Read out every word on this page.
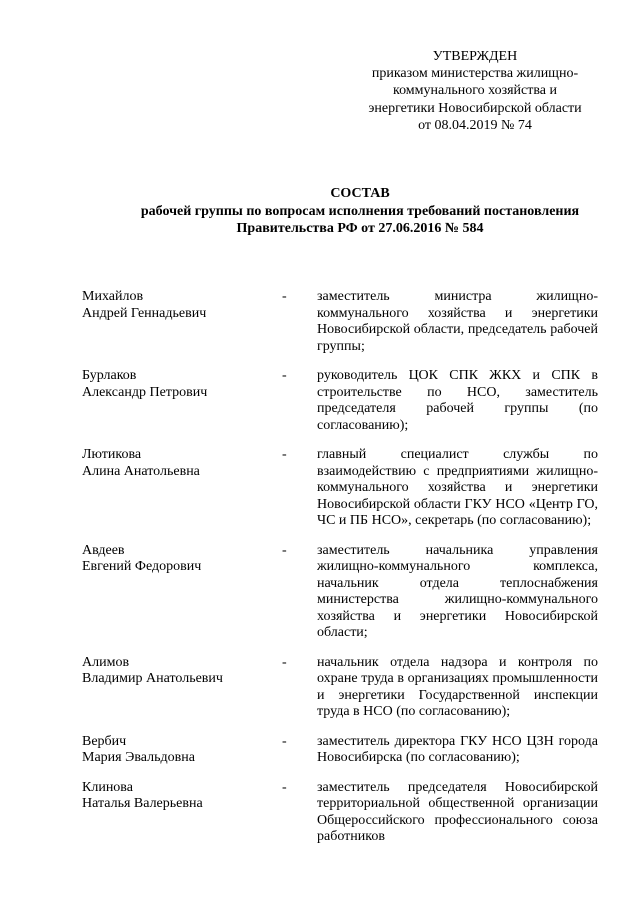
УТВЕРЖДЕН
приказом министерства жилищно-
коммунального хозяйства и
энергетики Новосибирской области
от 08.04.2019 № 74
СОСТАВ
рабочей группы по вопросам исполнения требований постановления
Правительства РФ от 27.06.2016 № 584
Михайлов
Андрей Геннадьевич
-	заместитель министра жилищно-коммунального хозяйства и энергетики Новосибирской области, председатель рабочей группы;
Бурлаков
Александр Петрович
-	руководитель ЦОК СПК ЖКХ и СПК в строительстве по НСО, заместитель председателя рабочей группы (по согласованию);
Лютикова
Алина Анатольевна
-	главный специалист службы по взаимодействию с предприятиями жилищно-коммунального хозяйства и энергетики Новосибирской области ГКУ НСО «Центр ГО, ЧС и ПБ НСО», секретарь (по согласованию);
Авдеев
Евгений Федорович
-	заместитель начальника управления жилищно-коммунального комплекса, начальник отдела теплоснабжения министерства жилищно-коммунального хозяйства и энергетики Новосибирской области;
Алимов
Владимир Анатольевич
-	начальник отдела надзора и контроля по охране труда в организациях промышленности и энергетики Государственной инспекции труда в НСО (по согласованию);
Вербич
Мария Эвальдовна
-	заместитель директора ГКУ НСО ЦЗН города Новосибирска (по согласованию);
Клинова
Наталья Валерьевна
-	заместитель председателя Новосибирской территориальной общественной организации Общероссийского профессионального союза работников
